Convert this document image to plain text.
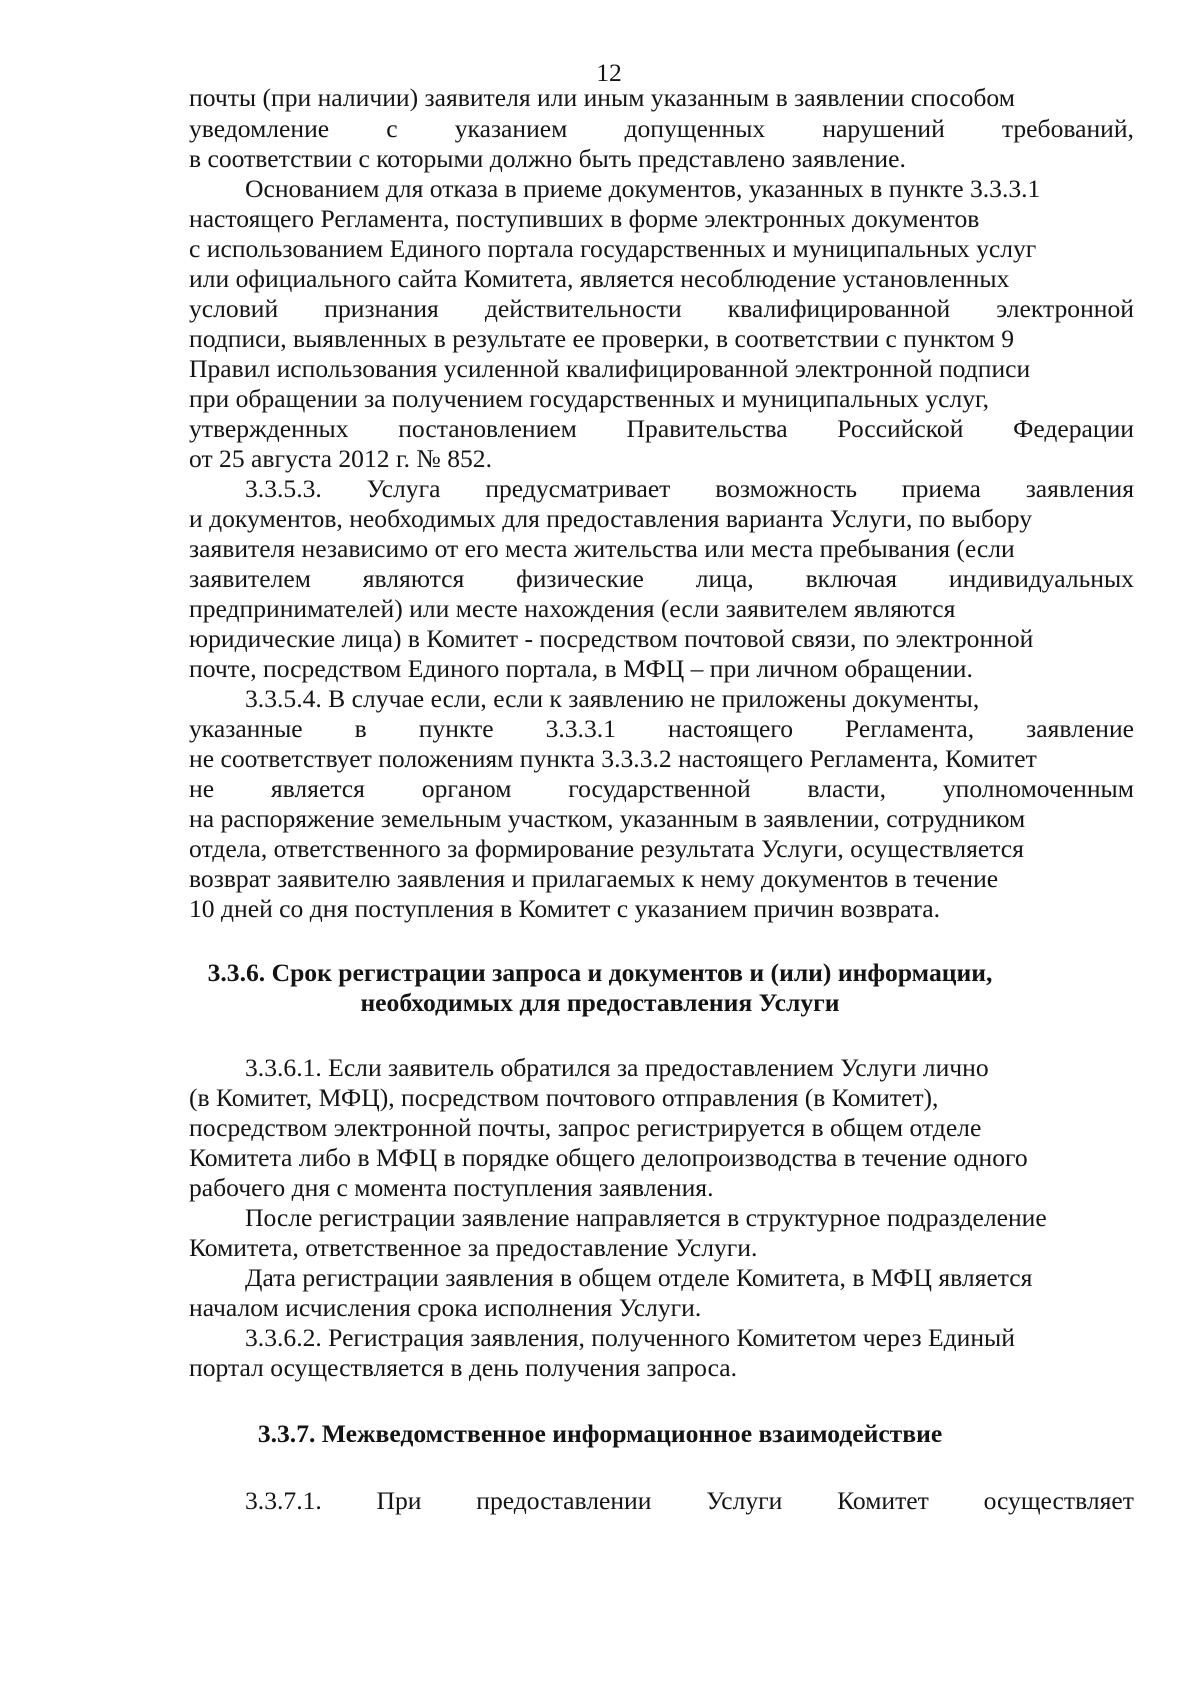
12
почты (при наличии) заявителя или иным указанным в заявлении способом
уведомление с указанием допущенных нарушений требований,
в соответствии с которыми должно быть представлено заявление.
Основанием для отказа в приеме документов, указанных в пункте 3.3.3.1
настоящего Регламента, поступивших в форме электронных документов
с использованием Единого портала государственных и муниципальных услуг
или официального сайта Комитета, является несоблюдение установленных
условий признания действительности квалифицированной электронной
подписи, выявленных в результате ее проверки, в соответствии с пунктом 9
Правил использования усиленной квалифицированной электронной подписи
при обращении за получением государственных и муниципальных услуг,
утвержденных постановлением Правительства Российской Федерации
от 25 августа 2012 г. № 852.
3.3.5.3. Услуга предусматривает возможность приема заявления
и документов, необходимых для предоставления варианта Услуги, по выбору
заявителя независимо от его места жительства или места пребывания (если
заявителем являются физические лица, включая индивидуальных
предпринимателей) или месте нахождения (если заявителем являются
юридические лица) в Комитет - посредством почтовой связи, по электронной
почте, посредством Единого портала, в МФЦ – при личном обращении.
3.3.5.4. В случае если, если к заявлению не приложены документы,
указанные в пункте 3.3.3.1 настоящего Регламента, заявление
не соответствует положениям пункта 3.3.3.2 настоящего Регламента, Комитет
не является органом государственной власти, уполномоченным
на распоряжение земельным участком, указанным в заявлении, сотрудником
отдела, ответственного за формирование результата Услуги, осуществляется
возврат заявителю заявления и прилагаемых к нему документов в течение
10 дней со дня поступления в Комитет с указанием причин возврата.
3.3.6. Срок регистрации запроса и документов и (или) информации,
необходимых для предоставления Услуги
3.3.6.1. Если заявитель обратился за предоставлением Услуги лично
(в Комитет, МФЦ), посредством почтового отправления (в Комитет),
посредством электронной почты, запрос регистрируется в общем отделе
Комитета либо в МФЦ в порядке общего делопроизводства в течение одного
рабочего дня с момента поступления заявления.
После регистрации заявление направляется в структурное подразделение
Комитета, ответственное за предоставление Услуги.
Дата регистрации заявления в общем отделе Комитета, в МФЦ является
началом исчисления срока исполнения Услуги.
3.3.6.2. Регистрация заявления, полученного Комитетом через Единый
портал осуществляется в день получения запроса.
3.3.7. Межведомственное информационное взаимодействие
3.3.7.1. При предоставлении Услуги Комитет осуществляет
